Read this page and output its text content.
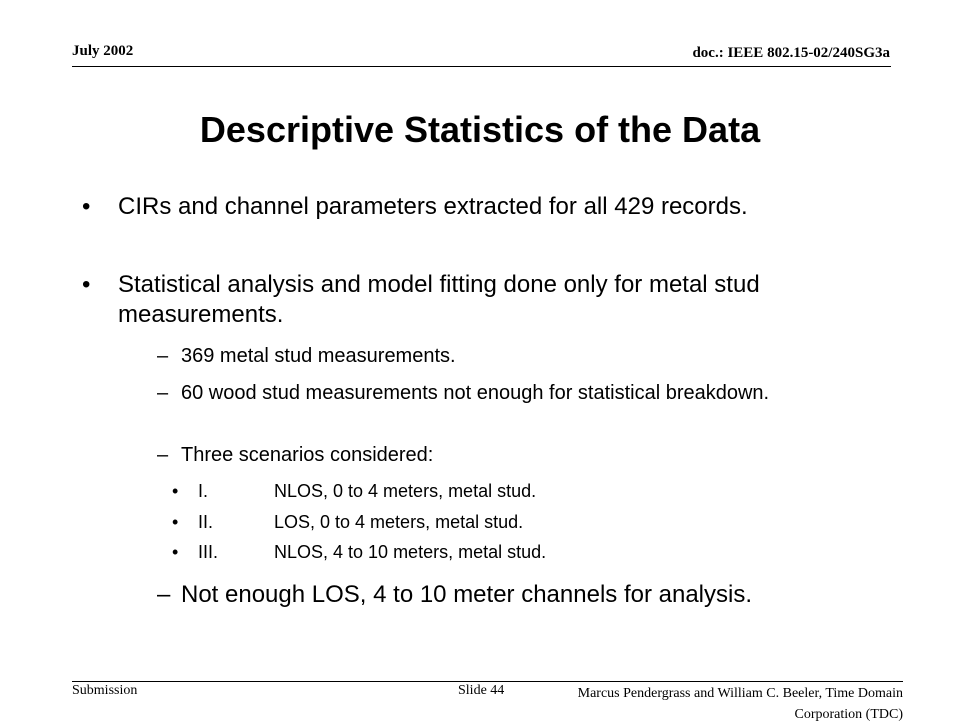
July 2002	doc.: IEEE 802.15-02/240SG3a
Descriptive Statistics of the Data
• CIRs and channel parameters extracted for all 429 records.
• Statistical analysis and model fitting done only for metal stud measurements.
– 369 metal stud measurements.
– 60 wood stud measurements not enough for statistical breakdown.
– Three scenarios considered:
• I.	NLOS, 0 to 4 meters, metal stud.
• II.	LOS, 0 to 4 meters, metal stud.
• III.	NLOS, 4 to 10 meters, metal stud.
– Not enough LOS, 4 to 10 meter channels for analysis.
Submission	Slide 44	Marcus Pendergrass and William C. Beeler, Time Domain Corporation (TDC)
